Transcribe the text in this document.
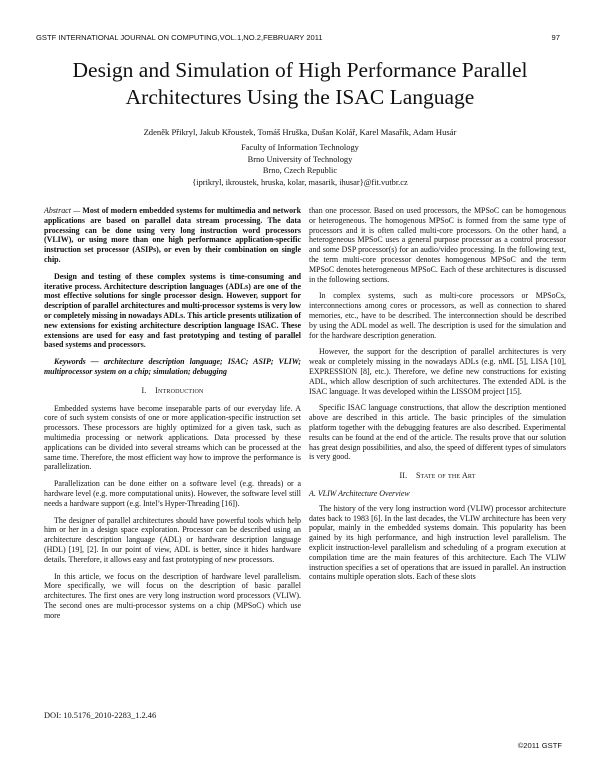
GSTF INTERNATIONAL JOURNAL ON COMPUTING,VOL.1,NO.2,FEBRUARY 2011	97
Design and Simulation of High Performance Parallel
Architectures Using the ISAC Language
Zdeněk Přikryl, Jakub Křoustek, Tomáš Hruška, Dušan Kolář, Karel Masařík, Adam Husár
Faculty of Information Technology
Brno University of Technology
Brno, Czech Republic
{iprikryl, ikroustek, hruska, kolar, masarik, ihusar}@fit.vutbr.cz

Abstract — Most of modern embedded systems for multimedia and network applications are based on parallel data stream processing. The data processing can be done using very long instruction word processors (VLIW), or using more than one high performance application-specific instruction set processor (ASIPs), or even by their combination on single chip.

Design and testing of these complex systems is time-consuming and iterative process. Architecture description languages (ADLs) are one of the most effective solutions for single processor design. However, support for description of parallel architectures and multi-processor systems is very low or completely missing in nowadays ADLs. This article presents utilization of new extensions for existing architecture description language ISAC. These extensions are used for easy and fast prototyping and testing of parallel based systems and processors.

Keywords — architecture description language; ISAC; ASIP; VLIW; multiprocessor system on a chip; simulation; debugging

I. Introduction

Embedded systems have become inseparable parts of our everyday life. A core of such system consists of one or more application-specific instruction set processors. These processors are highly optimized for a given task, such as multimedia processing or network applications. Data processed by these applications can be divided into several streams which can be processed at the same time. Therefore, the most efficient way how to improve the performance is parallelization.

Parallelization can be done either on a software level (e.g. threads) or a hardware level (e.g. more computational units). However, the software level still needs a hardware support (e.g. Intel’s Hyper-Threading [16]).

The designer of parallel architectures should have powerful tools which help him or her in a design space exploration. Processor can be described using an architecture description language (ADL) or hardware description language (HDL) [19], [2]. In our point of view, ADL is better, since it hides hardware details. Therefore, it allows easy and fast prototyping of new processors.

In this article, we focus on the description of hardware level parallelism. More specifically, we will focus on the description of basic parallel architectures. The first ones are very long instruction word processors (VLIW). The second ones are multi-processor systems on a chip (MPSoC) which use more

than one processor. Based on used processors, the MPSoC can be homogenous or heterogeneous. The homogenous MPSoC is formed from the same type of processors and it is often called multi-core processors. On the other hand, a heterogeneous MPSoC uses a general purpose processor as a control processor and some DSP processor(s) for an audio/video processing. In the following text, the term multi-core processor denotes homogenous MPSoC and the term MPSoC denotes heterogeneous MPSoC. Each of these architectures is discussed in the following sections.

In complex systems, such as multi-core processors or MPSoCs, interconnections among cores or processors, as well as connection to shared memories, etc., have to be described. The interconnection should be described by using the ADL model as well. The description is used for the simulation and for the hardware description generation.

However, the support for the description of parallel architectures is very weak or completely missing in the nowadays ADLs (e.g. nML [5], LISA [10], EXPRESSION [8], etc.). Therefore, we define new constructions for existing ADL, which allow description of such architectures. The extended ADL is the ISAC language. It was developed within the LISSOM project [15].

Specific ISAC language constructions, that allow the description mentioned above are described in this article. The basic principles of the simulation platform together with the debugging features are also described. Experimental results can be found at the end of the article. The results prove that our solution has great design possibilities, and also, the speed of different types of simulators is very good.

II. State of the Art
A. VLIW Architecture Overview

The history of the very long instruction word (VLIW) processor architecture dates back to 1983 [6]. In the last decades, the VLIW architecture has been very popular, mainly in the embedded systems domain. This popularity has been gained by its high performance, and high instruction level parallelism. The explicit instruction-level parallelism and scheduling of a program execution at compilation time are the main features of this architecture. Each The VLIW instruction specifies a set of operations that are issued in parallel. An instruction contains multiple operation slots. Each of these slots

DOI: 10.5176_2010-2283_1.2.46
©2011 GSTF
